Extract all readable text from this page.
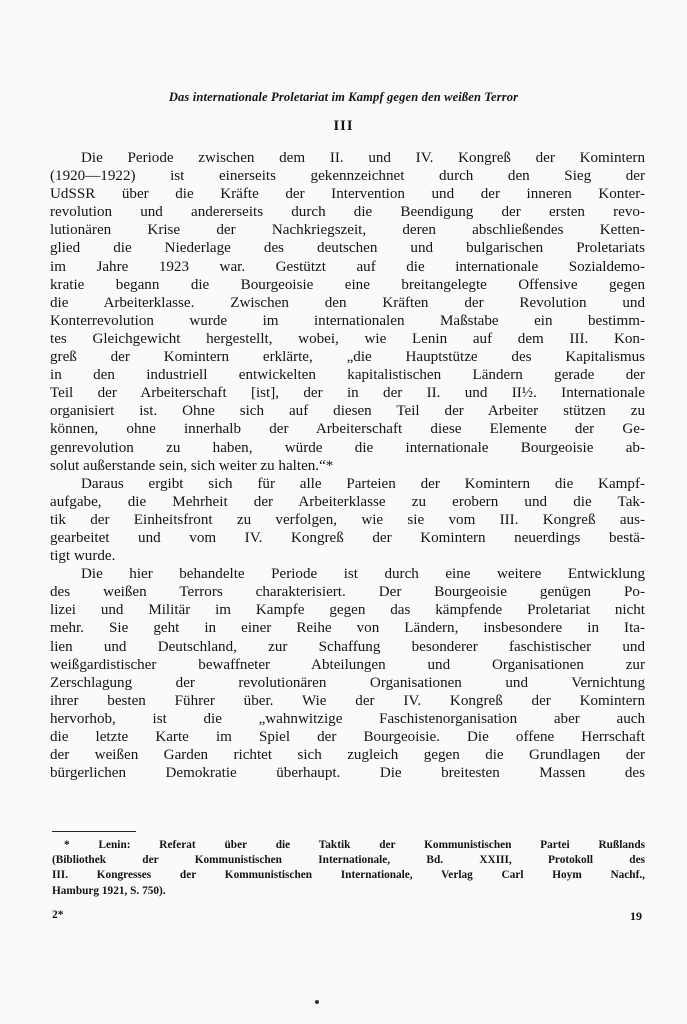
Das internationale Proletariat im Kampf gegen den weißen Terror
III
Die Periode zwischen dem II. und IV. Kongreß der Komintern
(1920—1922) ist einerseits gekennzeichnet durch den Sieg der
UdSSR über die Kräfte der Intervention und der inneren Konter-
revolution und andererseits durch die Beendigung der ersten revo-
lutionären Krise der Nachkriegszeit, deren abschließendes Ketten-
glied die Niederlage des deutschen und bulgarischen Proletariats
im Jahre 1923 war. Gestützt auf die internationale Sozialdemo-
kratie begann die Bourgeoisie eine breitangelegte Offensive gegen
die Arbeiterklasse. Zwischen den Kräften der Revolution und
Konterrevolution wurde im internationalen Maßstabe ein bestimm-
tes Gleichgewicht hergestellt, wobei, wie Lenin auf dem III. Kon-
greß der Komintern erklärte, „die Hauptstütze des Kapitalismus
in den industriell entwickelten kapitalistischen Ländern gerade der
Teil der Arbeiterschaft [ist], der in der II. und II½. Internationale
organisiert ist. Ohne sich auf diesen Teil der Arbeiter stützen zu
können, ohne innerhalb der Arbeiterschaft diese Elemente der Ge-
genrevolution zu haben, würde die internationale Bourgeoisie ab-
solut außerstande sein, sich weiter zu halten.“*
Daraus ergibt sich für alle Parteien der Komintern die Kampf-
aufgabe, die Mehrheit der Arbeiterklasse zu erobern und die Tak-
tik der Einheitsfront zu verfolgen, wie sie vom III. Kongreß aus-
gearbeitet und vom IV. Kongreß der Komintern neuerdings bestä-
tigt wurde.
Die hier behandelte Periode ist durch eine weitere Entwicklung
des weißen Terrors charakterisiert. Der Bourgeoisie genügen Po-
lizei und Militär im Kampfe gegen das kämpfende Proletariat nicht
mehr. Sie geht in einer Reihe von Ländern, insbesondere in Ita-
lien und Deutschland, zur Schaffung besonderer faschistischer und
weißgardistischer bewaffneter Abteilungen und Organisationen zur
Zerschlagung der revolutionären Organisationen und Vernichtung
ihrer besten Führer über. Wie der IV. Kongreß der Komintern
hervorhob, ist die „wahnwitzige Faschistenorganisation aber auch
die letzte Karte im Spiel der Bourgeoisie. Die offene Herrschaft
der weißen Garden richtet sich zugleich gegen die Grundlagen der
bürgerlichen Demokratie überhaupt. Die breitesten Massen des
* Lenin: Referat über die Taktik der Kommunistischen Partei Rußlands
(Bibliothek der Kommunistischen Internationale, Bd. XXIII, Protokoll des
III. Kongresses der Kommunistischen Internationale, Verlag Carl Hoym Nachf.,
Hamburg 1921, S. 750).
2*	19
